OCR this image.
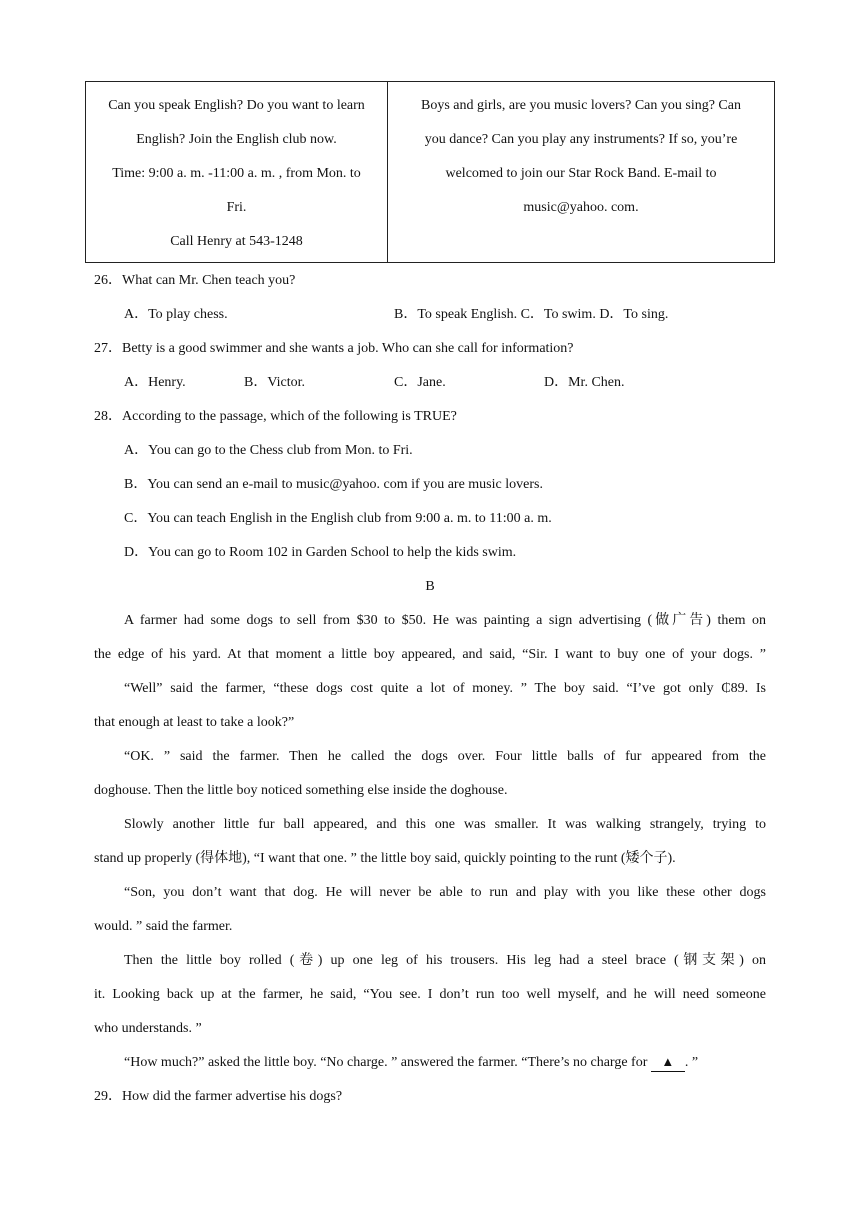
Can you speak English? Do you want to learn

English? Join the English club now.

Time: 9:00 a. m. -11:00 a. m. , from Mon. to

Fri.

Call Henry at 543-1248

Boys and girls, are you music lovers? Can you sing? Can

you dance? Can you play any instruments? If so, you’re

welcomed to join our Star Rock Band. E-mail to

music@yahoo. com.

26．What can Mr. Chen teach you?
A．To play chess.	B．To speak English. C．To swim. D．To sing.
27．Betty is a good swimmer and she wants a job. Who can she call for information?
A．Henry.	B．Victor.	C．Jane.	D．Mr. Chen.
28．According to the passage, which of the following is TRUE?
A．You can go to the Chess club from Mon. to Fri.
B．You can send an e-mail to music@yahoo. com if you are music lovers.
C．You can teach English in the English club from 9:00 a. m. to 11:00 a. m.
D．You can go to Room 102 in Garden School to help the kids swim.
B
A farmer had some dogs to sell from $30 to $50. He was painting a sign advertising (做广告) them on
the edge of his yard. At that moment a little boy appeared, and said, “Sir. I want to buy one of your dogs. ”
“Well” said the farmer, “these dogs cost quite a lot of money. ” The boy said. “I’ve got only ₵89. Is
that enough at least to take a look?”
“OK. ” said the farmer. Then he called the dogs over. Four little balls of fur appeared from the
doghouse. Then the little boy noticed something else inside the doghouse.
Slowly another little fur ball appeared, and this one was smaller. It was walking strangely, trying to
stand up properly (得体地), “I want that one. ” the little boy said, quickly pointing to the runt (矮个子).
“Son, you don’t want that dog. He will never be able to run and play with you like these other dogs
would. ” said the farmer.
Then the little boy rolled (卷) up one leg of his trousers. His leg had a steel brace (钢支架) on
it. Looking back up at the farmer, he said, “You see. I don’t run too well myself, and he will need someone
who understands. ”
“How much?” asked the little boy. “No charge. ” answered the farmer. “There’s no charge for ▲ . ”
29．How did the farmer advertise his dogs?
